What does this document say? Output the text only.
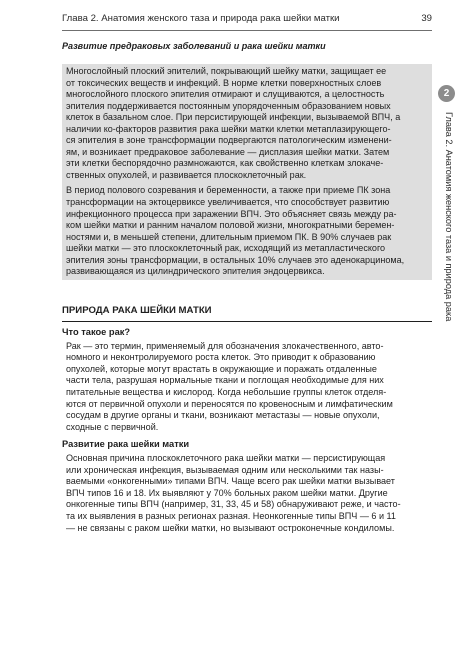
Глава 2. Анатомия женского таза и природа рака шейки матки	39

Развитие предраковых заболеваний и рака шейки матки

Многослойный плоский эпителий, покрывающий шейку матки, защищает ее
от токсических веществ и инфекций. В норме клетки поверхностных слоев
многослойного плоского эпителия отмирают и слущиваются, а целостность
эпителия поддерживается постоянным упорядоченным образованием новых
клеток в базальном слое. При персистирующей инфекции, вызываемой ВПЧ, а
наличии ко-факторов развития рака шейки матки клетки метаплазирующего-
ся эпителия в зоне трансформации подвергаются патологическим изменени-
ям, и возникает предраковое заболевание — дисплазия шейки матки. Затем
эти клетки беспорядочно размножаются, как свойственно клеткам злокаче-
ственных опухолей, и развивается плоскоклеточный рак.

В период полового созревания и беременности, а также при приеме ПК зона
трансформации на эктоцервиксе увеличивается, что способствует развитию
инфекционного процесса при заражении ВПЧ. Это объясняет связь между ра-
ком шейки матки и ранним началом половой жизни, многократными беремен-
ностями и, в меньшей степени, длительным приемом ПК. В 90% случаев рак
шейки матки — это плоскоклеточный рак, исходящий из метапластического
эпителия зоны трансформации, в остальных 10% случаев это аденокарцинома,
развивающаяся из цилиндрического эпителия эндоцервикса.

ПРИРОДА РАКА ШЕЙКИ МАТКИ
Что такое рак?

Рак — это термин, применяемый для обозначения злокачественного, авто-
номного и неконтролируемого роста клеток. Это приводит к образованию
опухолей, которые могут врастать в окружающие и поражать отдаленные
части тела, разрушая нормальные ткани и поглощая необходимые для них
питательные вещества и кислород. Когда небольшие группы клеток отделя-
ются от первичной опухоли и переносятся по кровеносным и лимфатическим
сосудам в другие органы и ткани, возникают метастазы — новые опухоли,
сходные с первичной.

Развитие рака шейки матки

Основная причина плоскоклеточного рака шейки матки — персистирующая
или хроническая инфекция, вызываемая одним или несколькими так назы-
ваемыми «онкогенными» типами ВПЧ. Чаще всего рак шейки матки вызывает
ВПЧ типов 16 и 18. Их выявляют у 70% больных раком шейки матки. Другие
онкогенные типы ВПЧ (например, 31, 33, 45 и 58) обнаруживают реже, и часто-
та их выявления в разных регионах разная. Неонкогенные типы ВПЧ — 6 и 11
— не связаны с раком шейки матки, но вызывают остроконечные кондиломы.

2
Глава 2. Анатомия женского таза и природа рака
